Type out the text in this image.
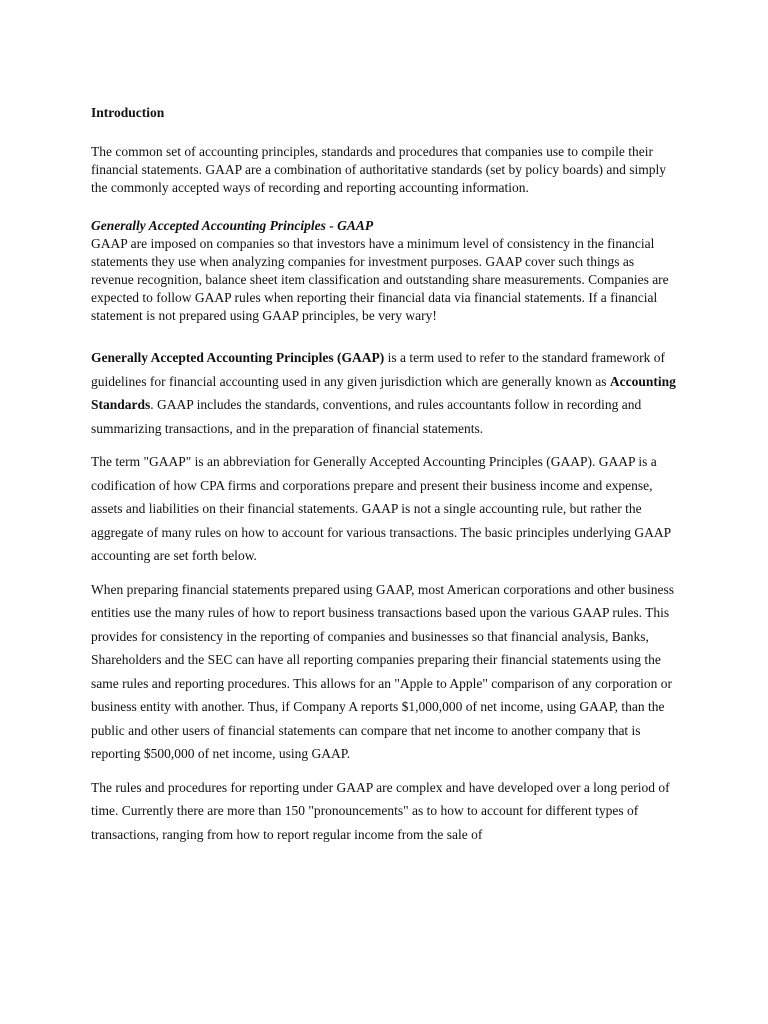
Introduction

The common set of accounting principles, standards and procedures that companies use to compile their financial statements. GAAP are a combination of authoritative standards (set by policy boards) and simply the commonly accepted ways of recording and reporting accounting information.

Generally Accepted Accounting Principles - GAAP

GAAP are imposed on companies so that investors have a minimum level of consistency in the financial statements they use when analyzing companies for investment purposes. GAAP cover such things as revenue recognition, balance sheet item classification and outstanding share measurements. Companies are expected to follow GAAP rules when reporting their financial data via financial statements. If a financial statement is not prepared using GAAP principles, be very wary!

Generally Accepted Accounting Principles (GAAP) is a term used to refer to the standard framework of guidelines for financial accounting used in any given jurisdiction which are generally known as Accounting Standards. GAAP includes the standards, conventions, and rules accountants follow in recording and summarizing transactions, and in the preparation of financial statements.

The term "GAAP" is an abbreviation for Generally Accepted Accounting Principles (GAAP). GAAP is a codification of how CPA firms and corporations prepare and present their business income and expense, assets and liabilities on their financial statements. GAAP is not a single accounting rule, but rather the aggregate of many rules on how to account for various transactions. The basic principles underlying GAAP accounting are set forth below.

When preparing financial statements prepared using GAAP, most American corporations and other business entities use the many rules of how to report business transactions based upon the various GAAP rules. This provides for consistency in the reporting of companies and businesses so that financial analysis, Banks, Shareholders and the SEC can have all reporting companies preparing their financial statements using the same rules and reporting procedures. This allows for an "Apple to Apple" comparison of any corporation or business entity with another. Thus, if Company A reports $1,000,000 of net income, using GAAP, than the public and other users of financial statements can compare that net income to another company that is reporting $500,000 of net income, using GAAP.

The rules and procedures for reporting under GAAP are complex and have developed over a long period of time. Currently there are more than 150 "pronouncements" as to how to account for different types of transactions, ranging from how to report regular income from the sale of
